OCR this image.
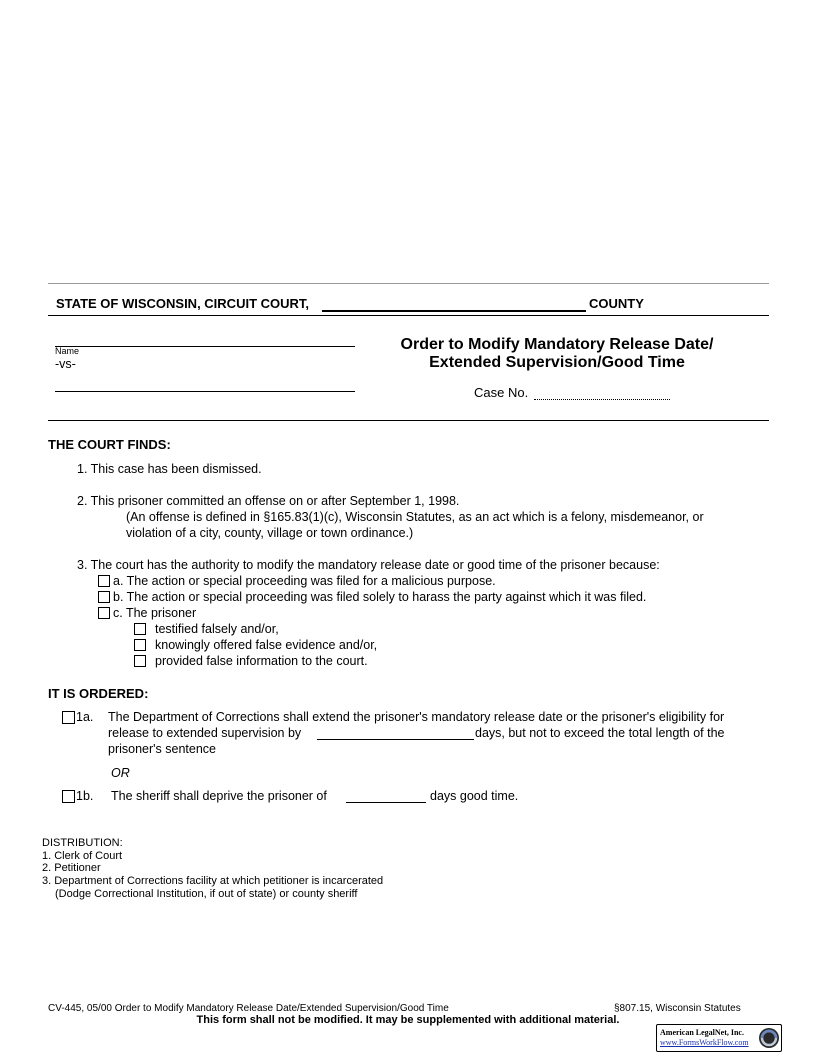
STATE OF WISCONSIN, CIRCUIT COURT,	COUNTY
Name
-vs-
Order to Modify Mandatory Release Date/
Extended Supervision/Good Time
Case No.
THE COURT FINDS:
1. This case has been dismissed.
2. This prisoner committed an offense on or after September 1, 1998.
(An offense is defined in §165.83(1)(c), Wisconsin Statutes, as an act which is a felony, misdemeanor, or
violation of a city, county, village or town ordinance.)
3. The court has the authority to modify the mandatory release date or good time of the prisoner because:
a. The action or special proceeding was filed for a malicious purpose.
b. The action or special proceeding was filed solely to harass the party against which it was filed.
c. The prisoner
testified falsely and/or,
knowingly offered false evidence and/or,
provided false information to the court.
IT IS ORDERED:
1a. The Department of Corrections shall extend the prisoner's mandatory release date or the prisoner's eligibility for
release to extended supervision by	days, but not to exceed the total length of the
prisoner's sentence
OR
1b. The sheriff shall deprive the prisoner of	days good time.
DISTRIBUTION:
1. Clerk of Court
2. Petitioner
3. Department of Corrections facility at which petitioner is incarcerated
(Dodge Correctional Institution, if out of state) or county sheriff
CV-445, 05/00 Order to Modify Mandatory Release Date/Extended Supervision/Good Time	§807.15, Wisconsin Statutes
This form shall not be modified. It may be supplemented with additional material.
American LegalNet, Inc.
www.FormsWorkFlow.com
